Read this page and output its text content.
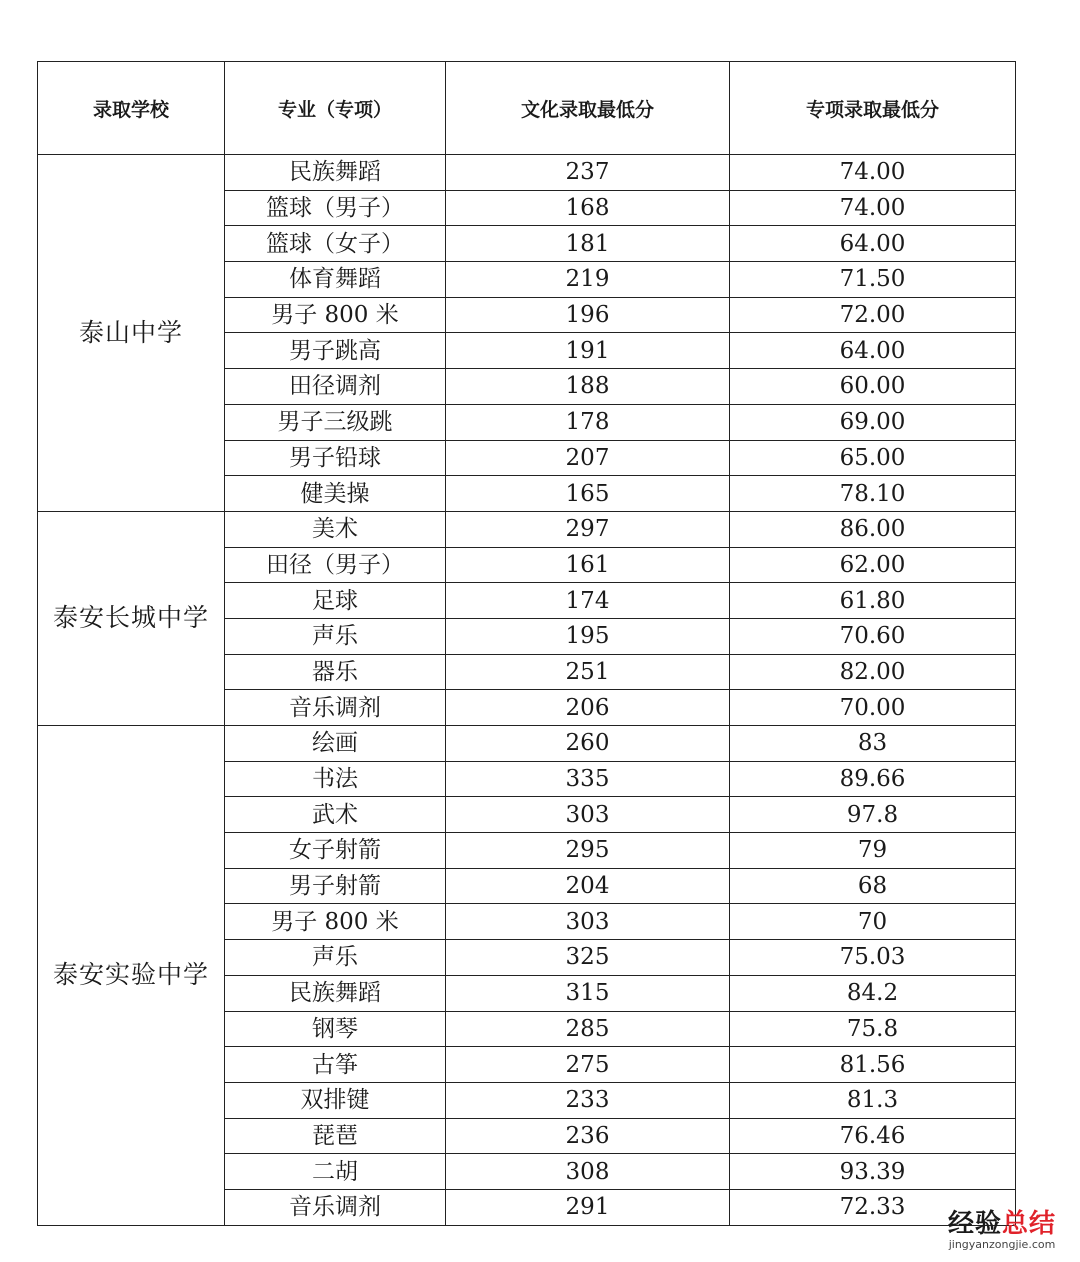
录取学校	专业（专项）	文化录取最低分	专项录取最低分
泰山中学	民族舞蹈	237	74.00
	篮球（男子）	168	74.00
	篮球（女子）	181	64.00
	体育舞蹈	219	71.50
	男子 800 米	196	72.00
	男子跳高	191	64.00
	田径调剂	188	60.00
	男子三级跳	178	69.00
	男子铅球	207	65.00
	健美操	165	78.10
泰安长城中学	美术	297	86.00
	田径（男子）	161	62.00
	足球	174	61.80
	声乐	195	70.60
	器乐	251	82.00
	音乐调剂	206	70.00
泰安实验中学	绘画	260	83
	书法	335	89.66
	武术	303	97.8
	女子射箭	295	79
	男子射箭	204	68
	男子 800 米	303	70
	声乐	325	75.03
	民族舞蹈	315	84.2
	钢琴	285	75.8
	古筝	275	81.56
	双排键	233	81.3
	琵琶	236	76.46
	二胡	308	93.39
	音乐调剂	291	72.33
经验总结
jingyanzongjie.com
